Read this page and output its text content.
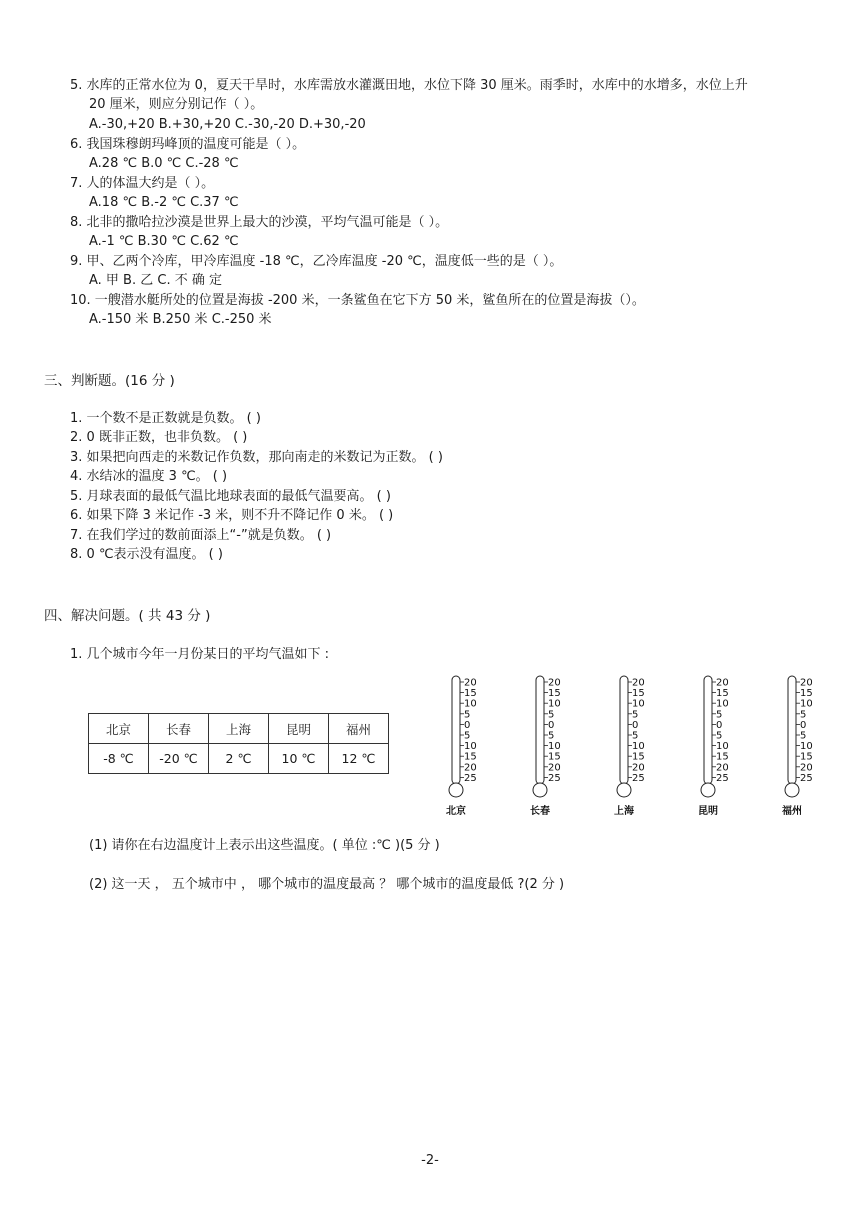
5. 水库的正常水位为 0，夏天干旱时，水库需放水灌溉田地，水位下降 30 厘米。雨季时，水库中的水增多，水位上升
20 厘米，则应分别记作（ ）。
A.-30,+20 B.+30,+20 C.-30,-20 D.+30,-20
6. 我国珠穆朗玛峰顶的温度可能是（ ）。
A.28 ℃ B.0 ℃ C.-28 ℃
7. 人的体温大约是（ ）。
A.18 ℃ B.-2 ℃ C.37 ℃
8. 北非的撒哈拉沙漠是世界上最大的沙漠，平均气温可能是（ ）。
A.-1 ℃ B.30 ℃ C.62 ℃
9. 甲、乙两个冷库，甲冷库温度 -18 ℃，乙冷库温度 -20 ℃，温度低一些的是（ ）。
A. 甲 B. 乙 C. 不 确 定
10. 一艘潜水艇所处的位置是海拔 -200 米，一条鲨鱼在它下方 50 米，鲨鱼所在的位置是海拔（）。
A.-150 米 B.250 米 C.-250 米
三、判断题。(16 分 )
1. 一个数不是正数就是负数。 ( )
2. 0 既非正数，也非负数。 ( )
3. 如果把向西走的米数记作负数，那向南走的米数记为正数。 ( )
4. 水结冰的温度 3 ℃。 ( )
5. 月球表面的最低气温比地球表面的最低气温要高。 ( )
6. 如果下降 3 米记作 -3 米，则不升不降记作 0 米。 ( )
7. 在我们学过的数前面添上“-”就是负数。 ( )
8. 0 ℃表示没有温度。 ( )
四、解决问题。( 共 43 分 )
1. 几个城市今年一月份某日的平均气温如下 :
北京	长春	上海	昆明	福州
-8 ℃	-20 ℃	2 ℃	10 ℃	12 ℃
20
15
10
5
0
5
10
15
20
25
北京
20
15
10
5
0
5
10
15
20
25
长春
20
15
10
5
0
5
10
15
20
25
上海
20
15
10
5
0
5
10
15
20
25
昆明
20
15
10
5
0
5
10
15
20
25
福州
(1) 请你在右边温度计上表示出这些温度。( 单位 :℃ )(5 分 )
(2) 这一天 ， 五个城市中 ， 哪个城市的温度最高 ？ 哪个城市的温度最低 ?(2 分 )
-2-
